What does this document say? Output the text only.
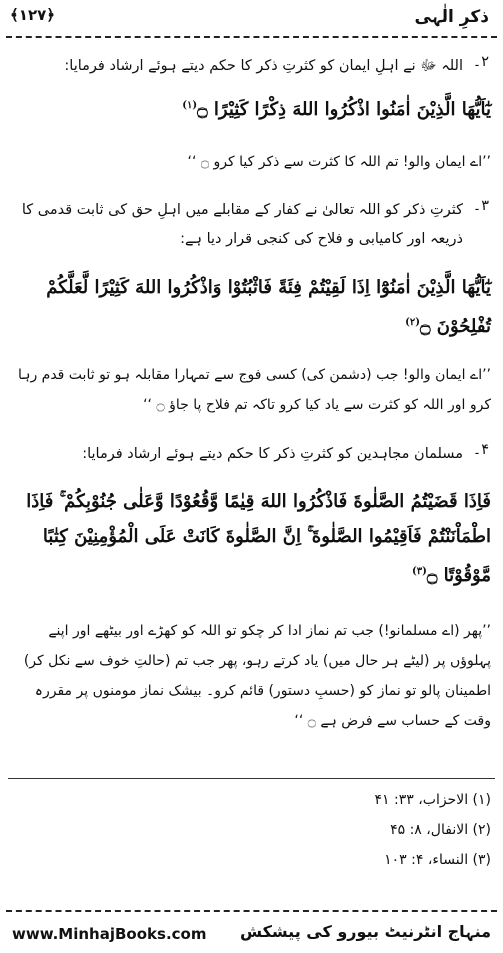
ذکرِ الٰہی
﴾۱۲۷﴿
۲۔
اللہ ﷻ نے اہلِ ایمان کو کثرتِ ذکر کا حکم دیتے ہوئے ارشاد فرمایا:
يٰٓاَيُّهَا الَّذِيْنَ اٰمَنُوا اذْكُرُوا اللهَ ذِكْرًا كَثِيْرًا ۝$^{(۱)}$
’’اے ایمان والو! تم اللہ کا کثرت سے ذکر کیا کرو ۝ ‘‘
۳۔
کثرتِ ذکر کو اللہ تعالیٰ نے کفار کے مقابلے میں اہلِ حق کی ثابت قدمی کا ذریعہ اور کامیابی و فلاح کی کنجی قرار دیا ہے:
يٰٓاَيُّهَا الَّذِيْنَ اٰمَنُوْٓا اِذَا لَقِيْتُمْ فِئَةً فَاثْبُتُوْا وَاذْكُرُوا اللهَ كَثِيْرًا لَّعَلَّكُمْ تُفْلِحُوْنَ ۝$^{(۲)}$
’’اے ایمان والو! جب (دشمن کی) کسی فوج سے تمہارا مقابلہ ہو تو ثابت قدم رہا کرو اور اللہ کو کثرت سے یاد کیا کرو تاکہ تم فلاح پا جاؤ ۝ ‘‘
۴۔
مسلمان مجاہدین کو کثرتِ ذکر کا حکم دیتے ہوئے ارشاد فرمایا:
فَاِذَا قَضَيْتُمُ الصَّلٰوةَ فَاذْكُرُوا اللهَ قِيٰمًا وَّقُعُوْدًا وَّعَلٰى جُنُوْبِكُمْ ۚ فَاِذَا اطْمَاْنَنْتُمْ فَاَقِيْمُوا الصَّلٰوةَ ۚ اِنَّ الصَّلٰوةَ كَانَتْ عَلَى الْمُؤْمِنِيْنَ كِتٰبًا مَّوْقُوْتًا ۝$^{(۳)}$
’’پھر (اے مسلمانو!) جب تم نماز ادا کر چکو تو اللہ کو کھڑے اور بیٹھے اور اپنے پہلوؤں پر (لیٹے ہر حال میں) یاد کرتے رہو، پھر جب تم (حالتِ خوف سے نکل کر) اطمینان پالو تو نماز کو (حسبِ دستور) قائم کرو۔ بیشک نماز مومنوں پر مقررہ وقت کے حساب سے فرض ہے ۝ ‘‘
(۱) الاحزاب، ۳۳: ۴۱
(۲) الانفال، ۸: ۴۵
(۳) النساء، ۴: ۱۰۳
منہاج انٹرنیٹ بیورو کی پیشکش
www.MinhajBooks.com
